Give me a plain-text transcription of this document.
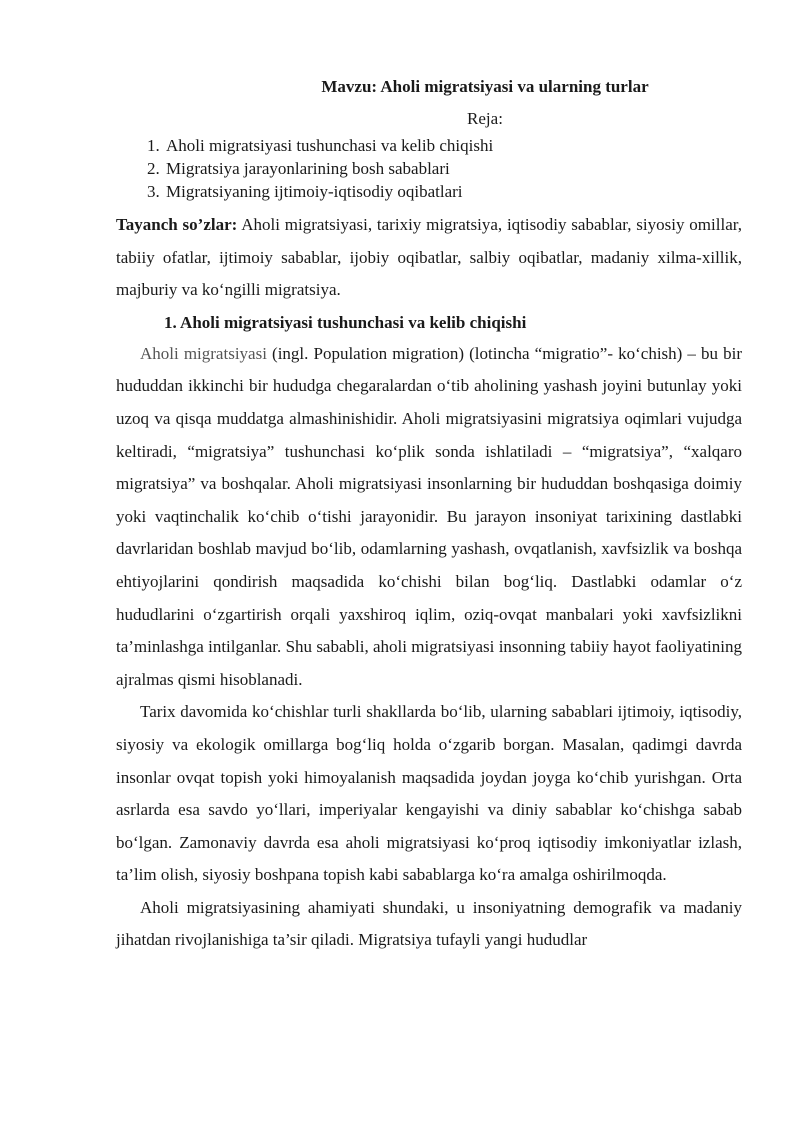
Mavzu: Aholi migratsiyasi va ularning turlar
Reja:
1. Aholi migratsiyasi tushunchasi va kelib chiqishi
2. Migratsiya jarayonlarining bosh sabablari
3. Migratsiyaning ijtimoiy-iqtisodiy oqibatlari

Tayanch so’zlar: Aholi migratsiyasi, tarixiy migratsiya, iqtisodiy sabablar, siyosiy omillar, tabiiy ofatlar, ijtimoiy sabablar, ijobiy oqibatlar, salbiy oqibatlar, madaniy xilma-xillik, majburiy va ko‘ngilli migratsiya.

1. Aholi migratsiyasi tushunchasi va kelib chiqishi

Aholi migratsiyasi (ingl. Population migration) (lotincha “migratio”- ko‘chish) – bu bir hududdan ikkinchi bir hududga chegaralardan o‘tib aholining yashash joyini butunlay yoki uzoq va qisqa muddatga almashinishidir. Aholi migratsiyasini migratsiya oqimlari vujudga keltiradi, “migratsiya” tushunchasi ko‘plik sonda ishlatiladi – “migratsiya”, “xalqaro migratsiya” va boshqalar. Aholi migratsiyasi insonlarning bir hududdan boshqasiga doimiy yoki vaqtinchalik ko‘chib o‘tishi jarayonidir. Bu jarayon insoniyat tarixining dastlabki davrlaridan boshlab mavjud bo‘lib, odamlarning yashash, ovqatlanish, xavfsizlik va boshqa ehtiyojlarini qondirish maqsadida ko‘chishi bilan bog‘liq. Dastlabki odamlar o‘z hududlarini o‘zgartirish orqali yaxshiroq iqlim, oziq-ovqat manbalari yoki xavfsizlikni ta’minlashga intilganlar. Shu sababli, aholi migratsiyasi insonning tabiiy hayot faoliyatining ajralmas qismi hisoblanadi.

Tarix davomida ko‘chishlar turli shakllarda bo‘lib, ularning sabablari ijtimoiy, iqtisodiy, siyosiy va ekologik omillarga bog‘liq holda o‘zgarib borgan. Masalan, qadimgi davrda insonlar ovqat topish yoki himoyalanish maqsadida joydan joyga ko‘chib yurishgan. Orta asrlarda esa savdo yo‘llari, imperiyalar kengayishi va diniy sabablar ko‘chishga sabab bo‘lgan. Zamonaviy davrda esa aholi migratsiyasi ko‘proq iqtisodiy imkoniyatlar izlash, ta’lim olish, siyosiy boshpana topish kabi sabablarga ko‘ra amalga oshirilmoqda.

Aholi migratsiyasining ahamiyati shundaki, u insoniyatning demografik va madaniy jihatdan rivojlanishiga ta’sir qiladi. Migratsiya tufayli yangi hududlar
